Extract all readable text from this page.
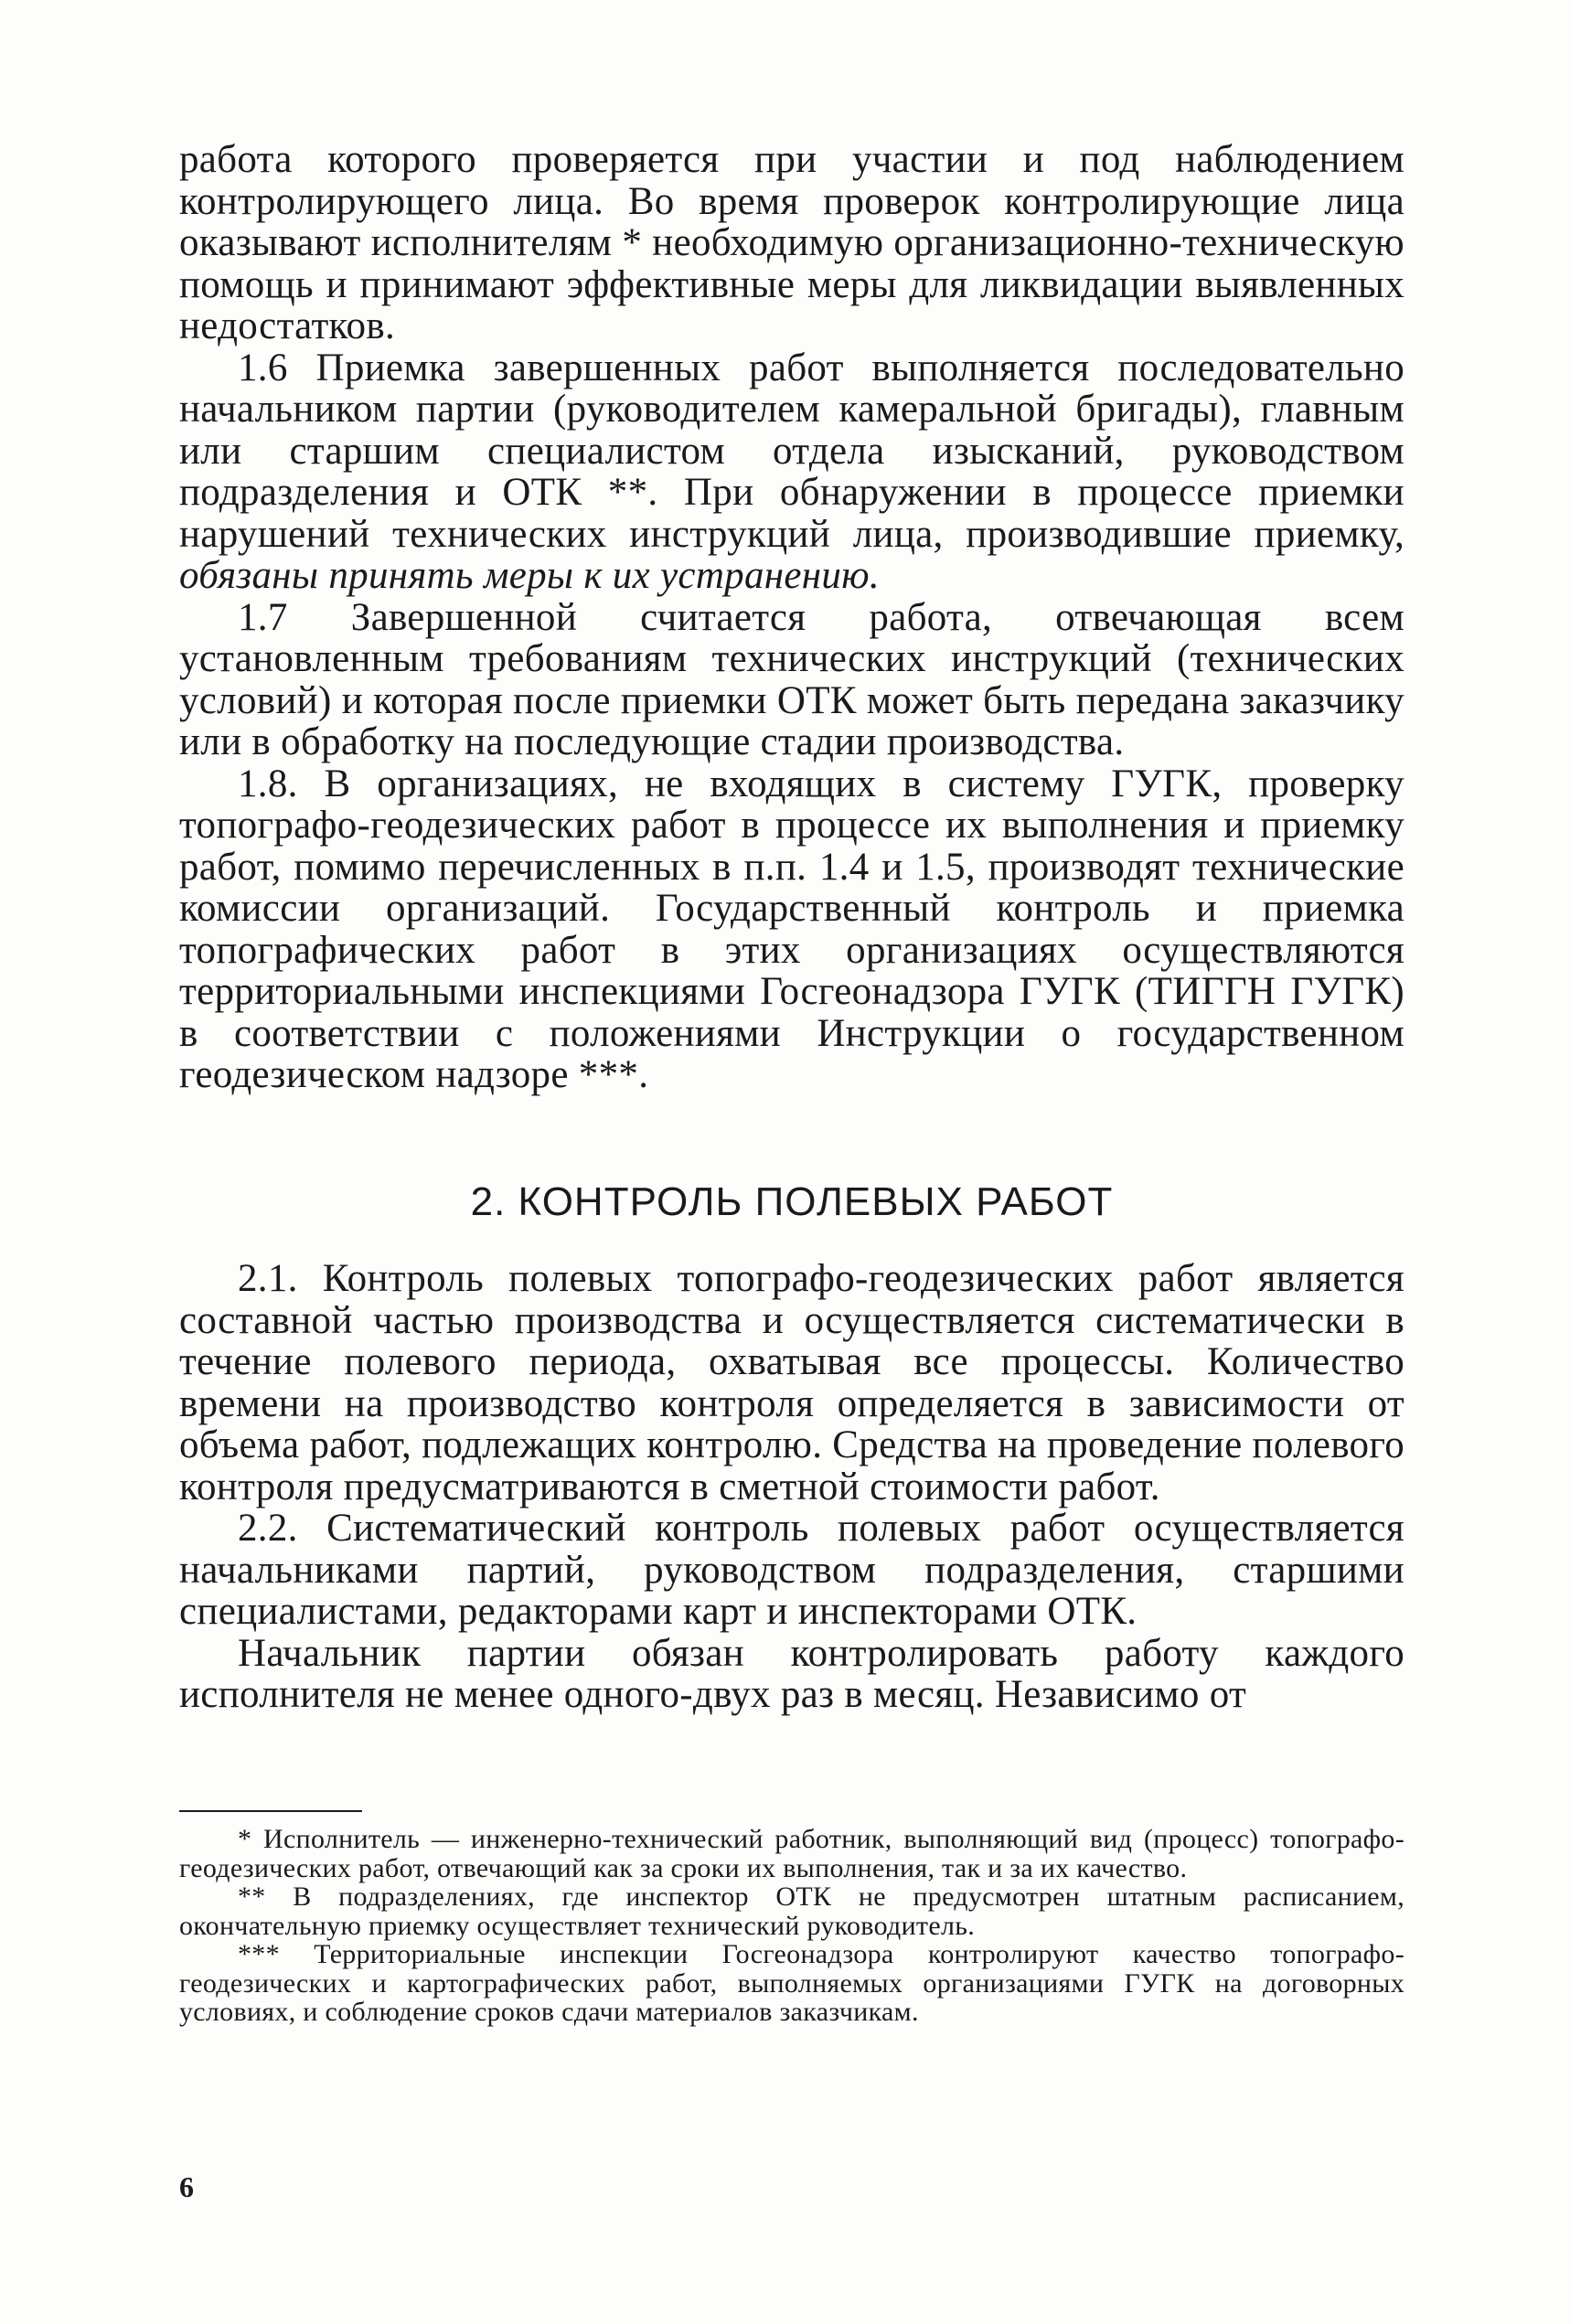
работа которого проверяется при участии и под наблюдением контролирующего лица. Во время проверок контролирующие лица оказывают исполнителям * необходимую организационно-техническую помощь и принимают эффективные меры для ликвидации выявленных недостатков.

1.6 Приемка завершенных работ выполняется последовательно начальником партии (руководителем камеральной бригады), главным или старшим специалистом отдела изысканий, руководством подразделения и ОТК **. При обнаружении в процессе приемки нарушений технических инструкций лица, производившие приемку, обязаны принять меры к их устранению.

1.7 Завершенной считается работа, отвечающая всем установленным требованиям технических инструкций (технических условий) и которая после приемки ОТК может быть передана заказчику или в обработку на последующие стадии производства.

1.8. В организациях, не входящих в систему ГУГК, проверку топографо-геодезических работ в процессе их выполнения и приемку работ, помимо перечисленных в п.п. 1.4 и 1.5, производят технические комиссии организаций. Государственный контроль и приемка топографических работ в этих организациях осуществляются территориальными инспекциями Госгеонадзора ГУГК (ТИГГН ГУГК) в соответствии с положениями Инструкции о государственном геодезическом надзоре ***.

2. КОНТРОЛЬ ПОЛЕВЫХ РАБОТ

2.1. Контроль полевых топографо-геодезических работ является составной частью производства и осуществляется систематически в течение полевого периода, охватывая все процессы. Количество времени на производство контроля определяется в зависимости от объема работ, подлежащих контролю. Средства на проведение полевого контроля предусматриваются в сметной стоимости работ.

2.2. Систематический контроль полевых работ осуществляется начальниками партий, руководством подразделения, старшими специалистами, редакторами карт и инспекторами ОТК.

Начальник партии обязан контролировать работу каждого исполнителя не менее одного-двух раз в месяц. Независимо от

* Исполнитель — инженерно-технический работник, выполняющий вид (процесс) топографо-геодезических работ, отвечающий как за сроки их выполнения, так и за их качество.

** В подразделениях, где инспектор ОТК не предусмотрен штатным расписанием, окончательную приемку осуществляет технический руководитель.

*** Территориальные инспекции Госгеонадзора контролируют качество топографо-геодезических и картографических работ, выполняемых организациями ГУГК на договорных условиях, и соблюдение сроков сдачи материалов заказчикам.

6
